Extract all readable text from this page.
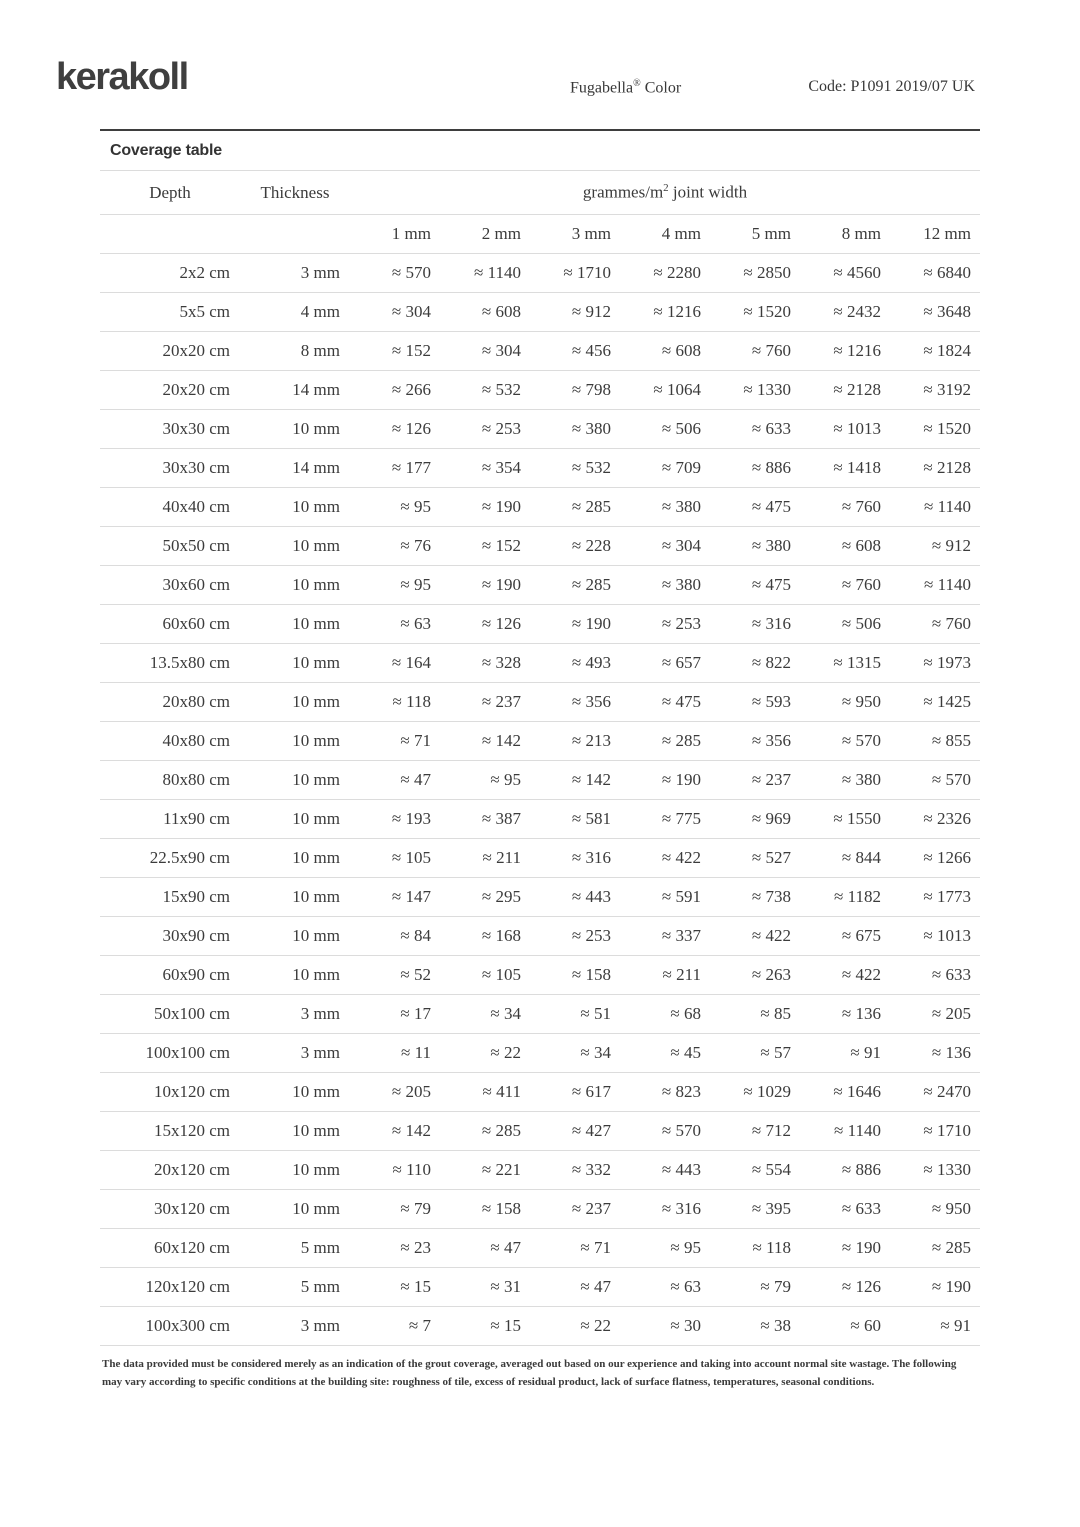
kerakoll	Fugabella® Color	Code: P1091 2019/07 UK
Coverage table
Depth	Thickness	grammes/$m^2$ joint width						
		1 mm	2 mm	3 mm	4 mm	5 mm	8 mm	12 mm
2x2 cm	3 mm	≈ 570	≈ 1140	≈ 1710	≈ 2280	≈ 2850	≈ 4560	≈ 6840
5x5 cm	4 mm	≈ 304	≈ 608	≈ 912	≈ 1216	≈ 1520	≈ 2432	≈ 3648
20x20 cm	8 mm	≈ 152	≈ 304	≈ 456	≈ 608	≈ 760	≈ 1216	≈ 1824
20x20 cm	14 mm	≈ 266	≈ 532	≈ 798	≈ 1064	≈ 1330	≈ 2128	≈ 3192
30x30 cm	10 mm	≈ 126	≈ 253	≈ 380	≈ 506	≈ 633	≈ 1013	≈ 1520
30x30 cm	14 mm	≈ 177	≈ 354	≈ 532	≈ 709	≈ 886	≈ 1418	≈ 2128
40x40 cm	10 mm	≈ 95	≈ 190	≈ 285	≈ 380	≈ 475	≈ 760	≈ 1140
50x50 cm	10 mm	≈ 76	≈ 152	≈ 228	≈ 304	≈ 380	≈ 608	≈ 912
30x60 cm	10 mm	≈ 95	≈ 190	≈ 285	≈ 380	≈ 475	≈ 760	≈ 1140
60x60 cm	10 mm	≈ 63	≈ 126	≈ 190	≈ 253	≈ 316	≈ 506	≈ 760
13.5x80 cm	10 mm	≈ 164	≈ 328	≈ 493	≈ 657	≈ 822	≈ 1315	≈ 1973
20x80 cm	10 mm	≈ 118	≈ 237	≈ 356	≈ 475	≈ 593	≈ 950	≈ 1425
40x80 cm	10 mm	≈ 71	≈ 142	≈ 213	≈ 285	≈ 356	≈ 570	≈ 855
80x80 cm	10 mm	≈ 47	≈ 95	≈ 142	≈ 190	≈ 237	≈ 380	≈ 570
11x90 cm	10 mm	≈ 193	≈ 387	≈ 581	≈ 775	≈ 969	≈ 1550	≈ 2326
22.5x90 cm	10 mm	≈ 105	≈ 211	≈ 316	≈ 422	≈ 527	≈ 844	≈ 1266
15x90 cm	10 mm	≈ 147	≈ 295	≈ 443	≈ 591	≈ 738	≈ 1182	≈ 1773
30x90 cm	10 mm	≈ 84	≈ 168	≈ 253	≈ 337	≈ 422	≈ 675	≈ 1013
60x90 cm	10 mm	≈ 52	≈ 105	≈ 158	≈ 211	≈ 263	≈ 422	≈ 633
50x100 cm	3 mm	≈ 17	≈ 34	≈ 51	≈ 68	≈ 85	≈ 136	≈ 205
100x100 cm	3 mm	≈ 11	≈ 22	≈ 34	≈ 45	≈ 57	≈ 91	≈ 136
10x120 cm	10 mm	≈ 205	≈ 411	≈ 617	≈ 823	≈ 1029	≈ 1646	≈ 2470
15x120 cm	10 mm	≈ 142	≈ 285	≈ 427	≈ 570	≈ 712	≈ 1140	≈ 1710
20x120 cm	10 mm	≈ 110	≈ 221	≈ 332	≈ 443	≈ 554	≈ 886	≈ 1330
30x120 cm	10 mm	≈ 79	≈ 158	≈ 237	≈ 316	≈ 395	≈ 633	≈ 950
60x120 cm	5 mm	≈ 23	≈ 47	≈ 71	≈ 95	≈ 118	≈ 190	≈ 285
120x120 cm	5 mm	≈ 15	≈ 31	≈ 47	≈ 63	≈ 79	≈ 126	≈ 190
100x300 cm	3 mm	≈ 7	≈ 15	≈ 22	≈ 30	≈ 38	≈ 60	≈ 91
The data provided must be considered merely as an indication of the grout coverage, averaged out based on our experience and taking into account normal site wastage. The following may vary according to specific conditions at the building site: roughness of tile, excess of residual product, lack of surface flatness, temperatures, seasonal conditions.
